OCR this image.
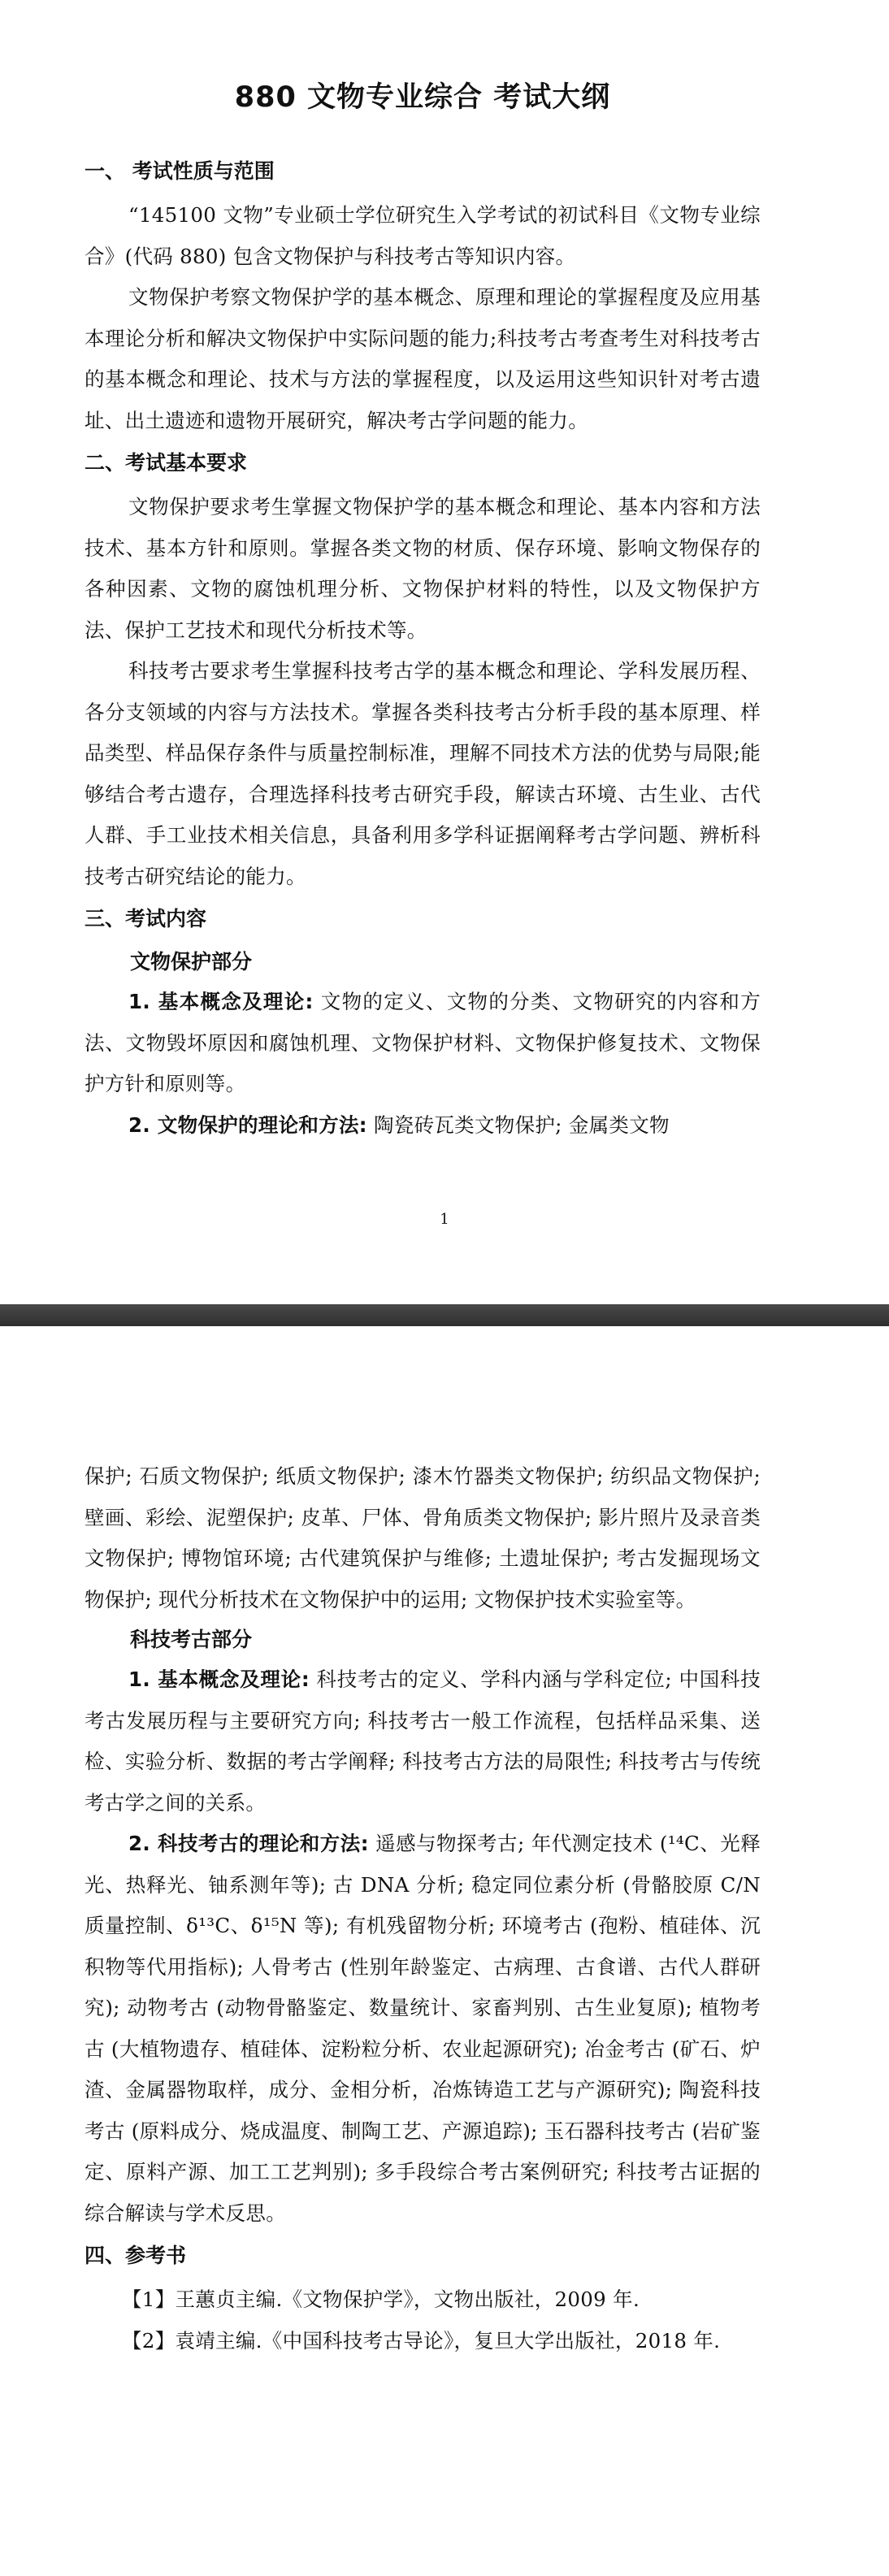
880 文物专业综合 考试大纲
一、 考试性质与范围

“145100 文物”专业硕士学位研究生入学考试的初试科目《文物专业综合》(代码 880) 包含文物保护与科技考古等知识内容。

文物保护考察文物保护学的基本概念、原理和理论的掌握程度及应用基本理论分析和解决文物保护中实际问题的能力;科技考古考查考生对科技考古的基本概念和理论、技术与方法的掌握程度，以及运用这些知识针对考古遗址、出土遗迹和遗物开展研究，解决考古学问题的能力。

二、考试基本要求

文物保护要求考生掌握文物保护学的基本概念和理论、基本内容和方法技术、基本方针和原则。掌握各类文物的材质、保存环境、影响文物保存的各种因素、文物的腐蚀机理分析、文物保护材料的特性，以及文物保护方法、保护工艺技术和现代分析技术等。

科技考古要求考生掌握科技考古学的基本概念和理论、学科发展历程、各分支领域的内容与方法技术。掌握各类科技考古分析手段的基本原理、样品类型、样品保存条件与质量控制标准，理解不同技术方法的优势与局限;能够结合考古遗存，合理选择科技考古研究手段，解读古环境、古生业、古代人群、手工业技术相关信息，具备利用多学科证据阐释考古学问题、辨析科技考古研究结论的能力。

三、考试内容
文物保护部分

1. 基本概念及理论: 文物的定义、文物的分类、文物研究的内容和方法、文物毁坏原因和腐蚀机理、文物保护材料、文物保护修复技术、文物保护方针和原则等。

2. 文物保护的理论和方法: 陶瓷砖瓦类文物保护; 金属类文物

1

保护; 石质文物保护; 纸质文物保护; 漆木竹器类文物保护; 纺织品文物保护; 壁画、彩绘、泥塑保护; 皮革、尸体、骨角质类文物保护; 影片照片及录音类文物保护; 博物馆环境; 古代建筑保护与维修; 土遗址保护; 考古发掘现场文物保护; 现代分析技术在文物保护中的运用; 文物保护技术实验室等。

科技考古部分

1. 基本概念及理论: 科技考古的定义、学科内涵与学科定位; 中国科技考古发展历程与主要研究方向; 科技考古一般工作流程，包括样品采集、送检、实验分析、数据的考古学阐释; 科技考古方法的局限性; 科技考古与传统考古学之间的关系。

2. 科技考古的理论和方法: 遥感与物探考古; 年代测定技术 (¹⁴C、光释光、热释光、铀系测年等); 古 DNA 分析; 稳定同位素分析 (骨骼胶原 C/N 质量控制、δ¹³C、δ¹⁵N 等); 有机残留物分析; 环境考古 (孢粉、植硅体、沉积物等代用指标); 人骨考古 (性别年龄鉴定、古病理、古食谱、古代人群研究); 动物考古 (动物骨骼鉴定、数量统计、家畜判别、古生业复原); 植物考古 (大植物遗存、植硅体、淀粉粒分析、农业起源研究); 冶金考古 (矿石、炉渣、金属器物取样，成分、金相分析，冶炼铸造工艺与产源研究); 陶瓷科技考古 (原料成分、烧成温度、制陶工艺、产源追踪); 玉石器科技考古 (岩矿鉴定、原料产源、加工工艺判别); 多手段综合考古案例研究; 科技考古证据的综合解读与学术反思。

四、参考书

【1】王蕙贞主编.《文物保护学》，文物出版社，2009 年.

【2】袁靖主编.《中国科技考古导论》，复旦大学出版社，2018 年.
